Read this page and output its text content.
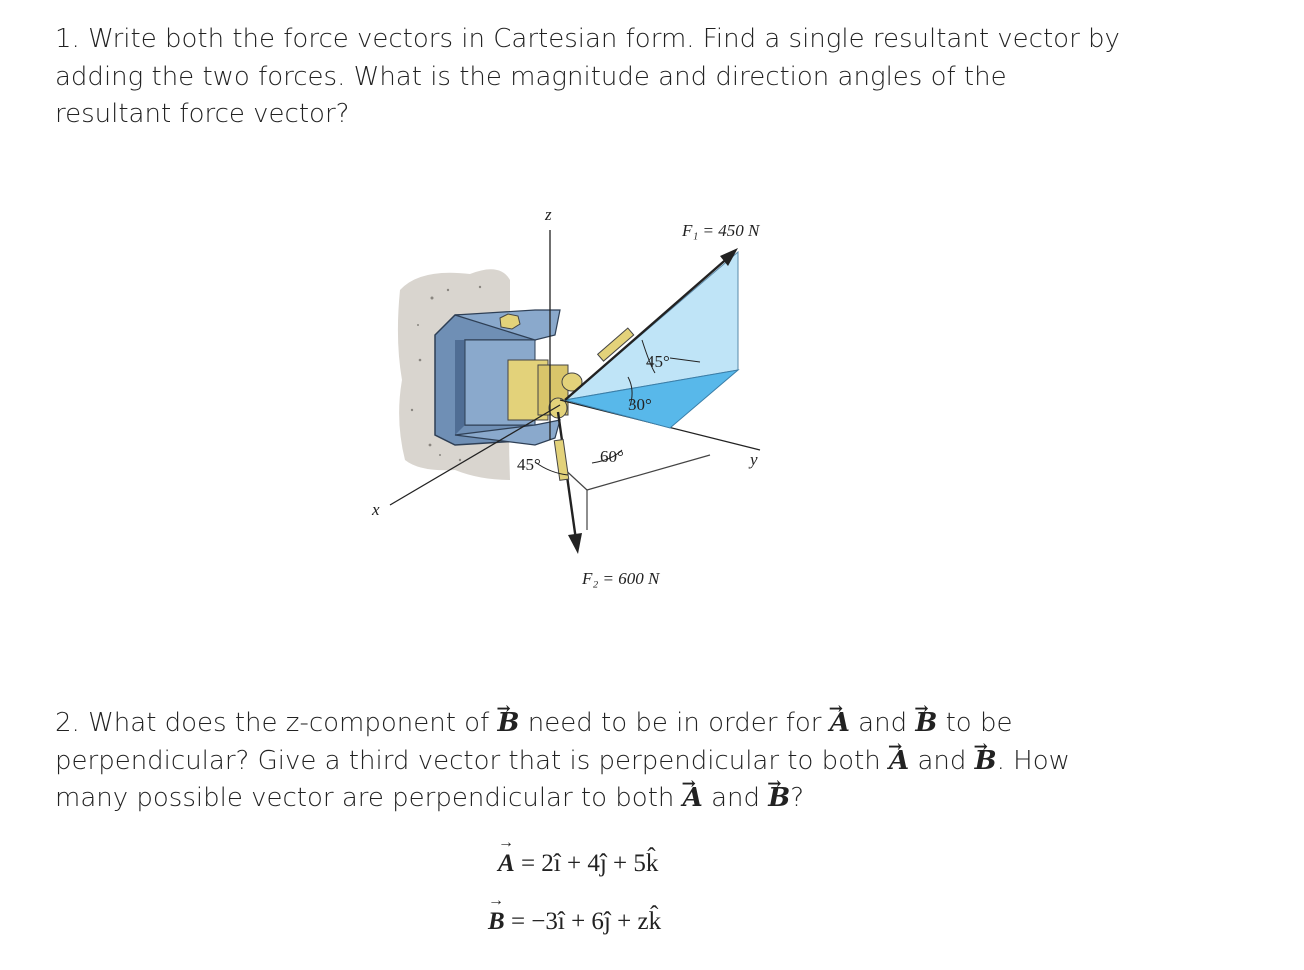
1. Write both the force vectors in Cartesian form. Find a single resultant vector by
adding the two forces. What is the magnitude and direction angles of the
resultant force vector?
z
y
x
F₁ = 450 N
F₂ = 600 N
45°
30°
60°
45°
2. What does the z-component of → B need to be in order for → A and → B to be
perpendicular? Give a third vector that is perpendicular to both → A and → B. How
many possible vector are perpendicular to both → A and → B?
→ A = 2î + 4ĵ + 5k̂
→ B = −3î + 6ĵ + zk̂
